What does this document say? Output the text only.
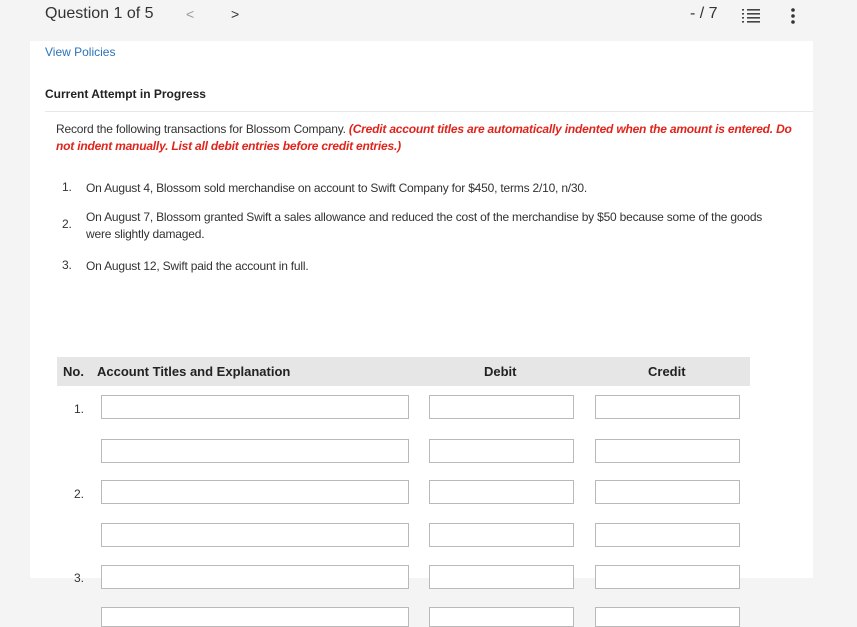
Question 1 of 5 <	>	- / 7
View Policies
Current Attempt in Progress
Record the following transactions for Blossom Company. (Credit account titles are automatically indented when the amount is entered. Do not indent manually. List all debit entries before credit entries.)
1.	On August 4, Blossom sold merchandise on account to Swift Company for $450, terms 2/10, n/30.
2.	On August 7, Blossom granted Swift a sales allowance and reduced the cost of the merchandise by $50 because some of the goods were slightly damaged.
3.	On August 12, Swift paid the account in full.
No. Account Titles and Explanation	Debit	Credit
1.
2.
3.
